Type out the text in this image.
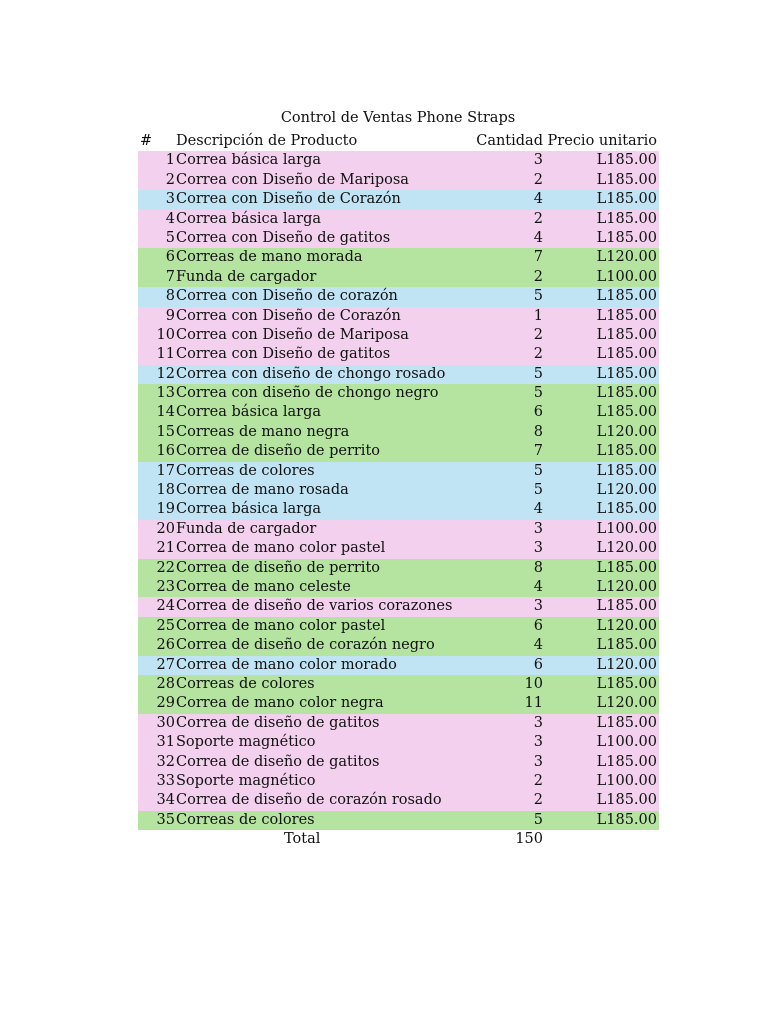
Control de Ventas Phone Straps
#	Descripción de Producto	Cantidad Precio unitario
1 Correa básica larga	3	L185.00
2 Correa con Diseño de Mariposa	2	L185.00
3 Correa con Diseño de Corazón	4	L185.00
4 Correa básica larga	2	L185.00
5 Correa con Diseño de gatitos	4	L185.00
6 Correas de mano morada	7	L120.00
7 Funda de cargador	2	L100.00
8 Correa con Diseño de corazón	5	L185.00
9 Correa con Diseño de Corazón	1	L185.00
10 Correa con Diseño de Mariposa	2	L185.00
11 Correa con Diseño de gatitos	2	L185.00
12 Correa con diseño de chongo rosado	5	L185.00
13 Correa con diseño de chongo negro	5	L185.00
14 Correa básica larga	6	L185.00
15 Correas de mano negra	8	L120.00
16 Correa de diseño de perrito	7	L185.00
17 Correas de colores	5	L185.00
18 Correa de mano rosada	5	L120.00
19 Correa básica larga	4	L185.00
20 Funda de cargador	3	L100.00
21 Correa de mano color pastel	3	L120.00
22 Correa de diseño de perrito	8	L185.00
23 Correa de mano celeste	4	L120.00
24 Correa de diseño de varios corazones	3	L185.00
25 Correa de mano color pastel	6	L120.00
26 Correa de diseño de corazón negro	4	L185.00
27 Correa de mano color morado	6	L120.00
28 Correas de colores	10	L185.00
29 Correa de mano color negra	11	L120.00
30 Correa de diseño de gatitos	3	L185.00
31 Soporte magnético	3	L100.00
32 Correa de diseño de gatitos	3	L185.00
33 Soporte magnético	2	L100.00
34 Correa de diseño de corazón rosado	2	L185.00
35 Correas de colores	5	L185.00
Total	150
